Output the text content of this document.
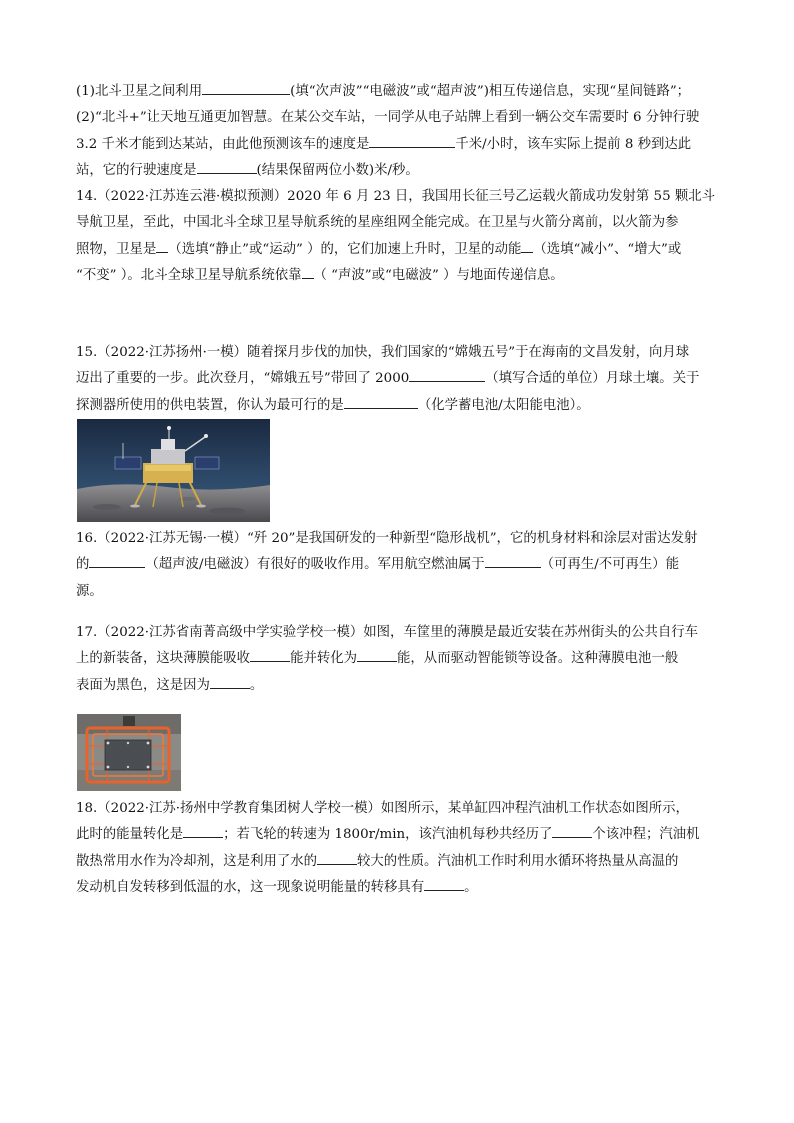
(1)北斗卫星之间利用	(填“次声波”“电磁波”或“超声波”)相互传递信息，实现“星间链路”；
(2)“北斗+”让天地互通更加智慧。在某公交车站，一同学从电子站牌上看到一辆公交车需要时 6 分钟行驶
3.2 千米才能到达某站，由此他预测该车的速度是	千米/小时，该车实际上提前 8 秒到达此
站，它的行驶速度是	(结果保留两位小数)米/秒。
14.（2022·江苏连云港·模拟预测）2020 年 6 月 23 日，我国用长征三号乙运载火箭成功发射第 55 颗北斗
导航卫星，至此，中国北斗全球卫星导航系统的星座组网全能完成。在卫星与火箭分离前，以火箭为参
照物，卫星是 （选填“静止”或“运动” ）的，它们加速上升时，卫星的动能 （选填“减小”、“增大”或
“不变” ）。北斗全球卫星导航系统依靠 （ “声波”或“电磁波” ）与地面传递信息。
15.（2022·江苏扬州·一模）随着探月步伐的加快，我们国家的“嫦娥五号”于在海南的文昌发射，向月球
迈出了重要的一步。此次登月，“嫦娥五号”带回了 2000	（填写合适的单位）月球土壤。关于
探测器所使用的供电装置，你认为最可行的是	（化学蓄电池/太阳能电池）。
16.（2022·江苏无锡·一模）“歼 20”是我国研发的一种新型“隐形战机”，它的机身材料和涂层对雷达发射
的	（超声波/电磁波）有很好的吸收作用。军用航空燃油属于	（可再生/不可再生）能
源。
17.（2022·江苏省南菁高级中学实验学校一模）如图，车筐里的薄膜是最近安装在苏州街头的公共自行车
上的新装备，这块薄膜能吸收	能并转化为	能，从而驱动智能锁等设备。这种薄膜电池一般
表面为黑色，这是因为	。
18.（2022·江苏·扬州中学教育集团树人学校一模）如图所示，某单缸四冲程汽油机工作状态如图所示，
此时的能量转化是	；若飞轮的转速为 1800r/min，该汽油机每秒共经历了	个该冲程；汽油机
散热常用水作为冷却剂，这是利用了水的	较大的性质。汽油机工作时利用水循环将热量从高温的
发动机自发转移到低温的水，这一现象说明能量的转移具有	。
